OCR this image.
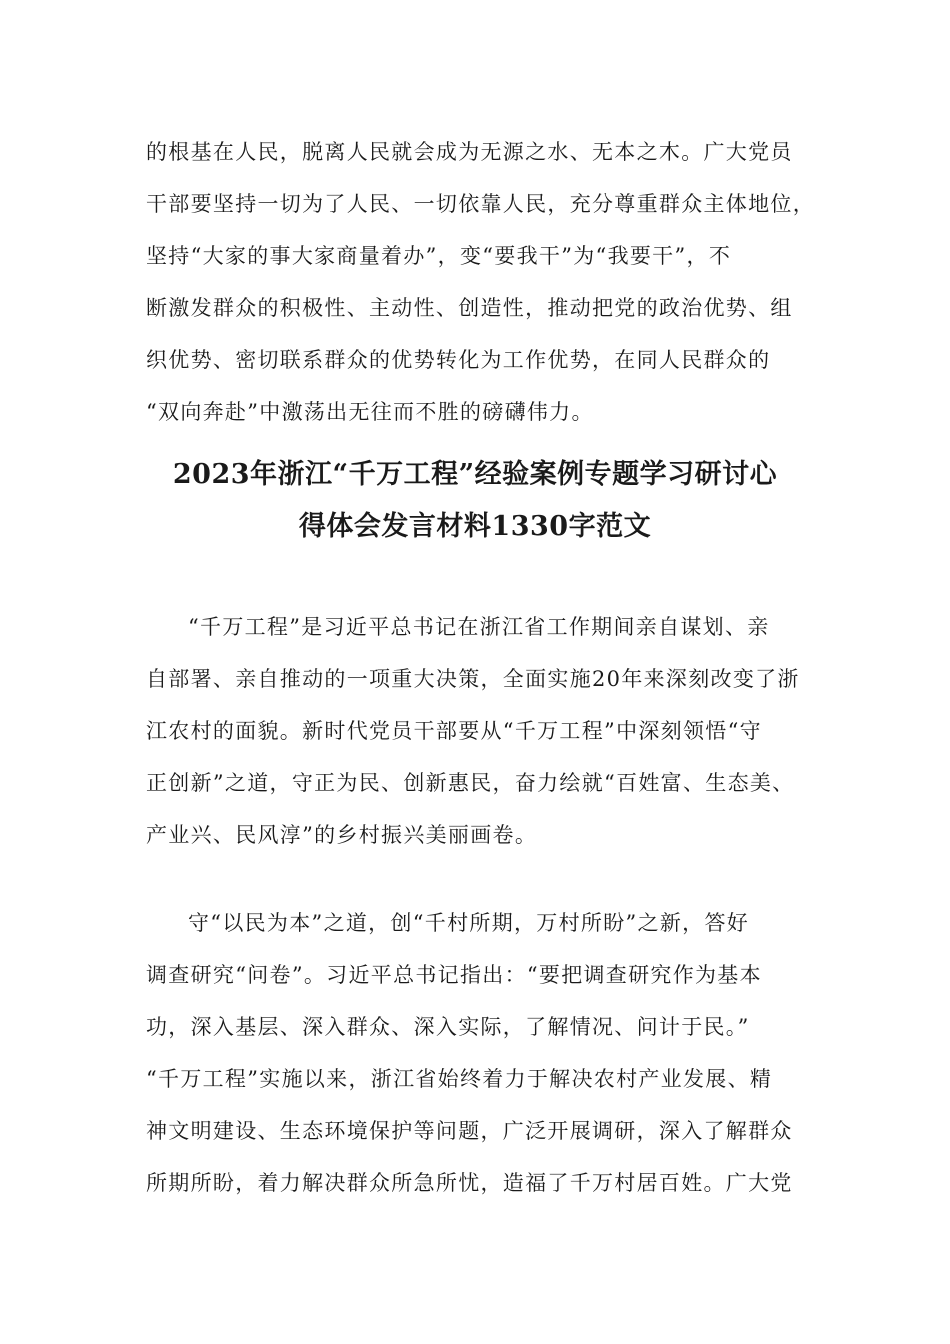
的根基在人民，脱离人民就会成为无源之水、无本之木。广大党员
干部要坚持一切为了人民、一切依靠人民，充分尊重群众主体地位，
坚持“大家的事大家商量着办”，变“要我干”为“我要干”，不
断激发群众的积极性、主动性、创造性，推动把党的政治优势、组
织优势、密切联系群众的优势转化为工作优势，在同人民群众的
“双向奔赴”中激荡出无往而不胜的磅礴伟力。
2023年浙江“千万工程”经验案例专题学习研讨心
得体会发言材料1330字范文
“千万工程”是习近平总书记在浙江省工作期间亲自谋划、亲
自部署、亲自推动的一项重大决策，全面实施20年来深刻改变了浙
江农村的面貌。新时代党员干部要从“千万工程”中深刻领悟“守
正创新”之道，守正为民、创新惠民，奋力绘就“百姓富、生态美、
产业兴、民风淳”的乡村振兴美丽画卷。
守“以民为本”之道，创“千村所期，万村所盼”之新，答好
调查研究“问卷”。习近平总书记指出：“要把调查研究作为基本
功，深入基层、深入群众、深入实际，了解情况、问计于民。”
“千万工程”实施以来，浙江省始终着力于解决农村产业发展、精
神文明建设、生态环境保护等问题，广泛开展调研，深入了解群众
所期所盼，着力解决群众所急所忧，造福了千万村居百姓。广大党
